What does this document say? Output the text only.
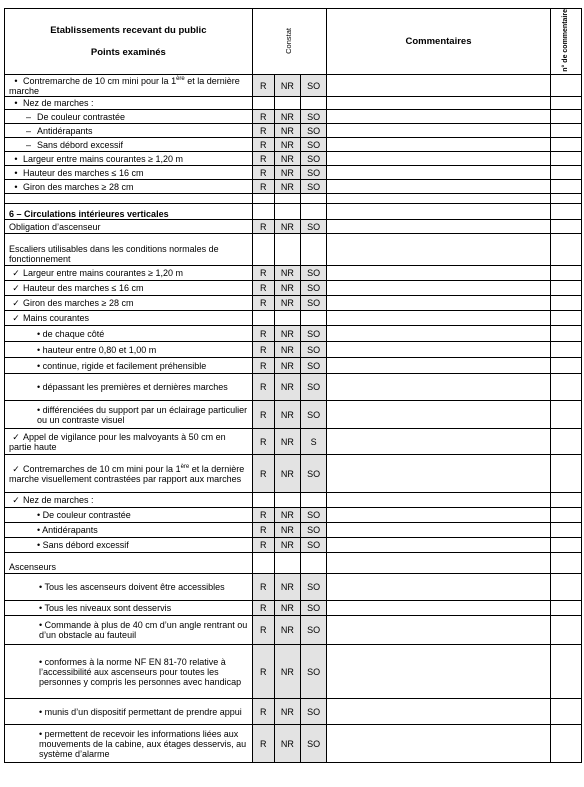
Etablissements recevant du public
Points examinés	Constat			Commentaires	n° de commentaire
• Contremarche de 10 cm mini pour la 1ère et la dernière marche	R	NR	SO		
• Nez de marches :					
– De couleur contrastée	R	NR	SO		
– Antidérapants	R	NR	SO		
– Sans débord excessif	R	NR	SO		
• Largeur entre mains courantes ≥ 1,20 m	R	NR	SO		
• Hauteur des marches ≤ 16 cm	R	NR	SO		
• Giron des marches ≥ 28 cm	R	NR	SO		

6 – Circulations intérieures verticales					
Obligation d’ascenseur	R	NR	SO		
Escaliers utilisables dans les conditions normales de fonctionnement					
✓ Largeur entre mains courantes ≥ 1,20 m	R	NR	SO		
✓ Hauteur des marches ≤ 16 cm	R	NR	SO		
✓ Giron des marches ≥ 28 cm	R	NR	SO		
✓ Mains courantes					
• de chaque côté	R	NR	SO		
• hauteur entre 0,80 et 1,00 m	R	NR	SO		
• continue, rigide et facilement préhensible	R	NR	SO		
• dépassant les premières et dernières marches	R	NR	SO		
• différenciées du support par un éclairage particulier ou un contraste visuel	R	NR	SO		
✓ Appel de vigilance pour les malvoyants à 50 cm en partie haute	R	NR	S		
✓ Contremarches de 10 cm mini pour la 1ère et la dernière marche visuellement contrastées par rapport aux marches	R	NR	SO		
✓ Nez de marches :					
• De couleur contrastée	R	NR	SO		
• Antidérapants	R	NR	SO		
• Sans débord excessif	R	NR	SO		
Ascenseurs					
• Tous les ascenseurs doivent être accessibles	R	NR	SO		
• Tous les niveaux sont desservis	R	NR	SO		
• Commande à plus de 40 cm d’un angle rentrant ou d’un obstacle au fauteuil	R	NR	SO		
• conformes à la norme NF EN 81-70 relative à l’accessibilité aux ascenseurs pour toutes les personnes y compris les personnes avec handicap	R	NR	SO		
• munis d’un dispositif permettant de prendre appui	R	NR	SO		
• permettent de recevoir les informations liées aux mouvements de la cabine, aux étages desservis, au système d’alarme	R	NR	SO		
